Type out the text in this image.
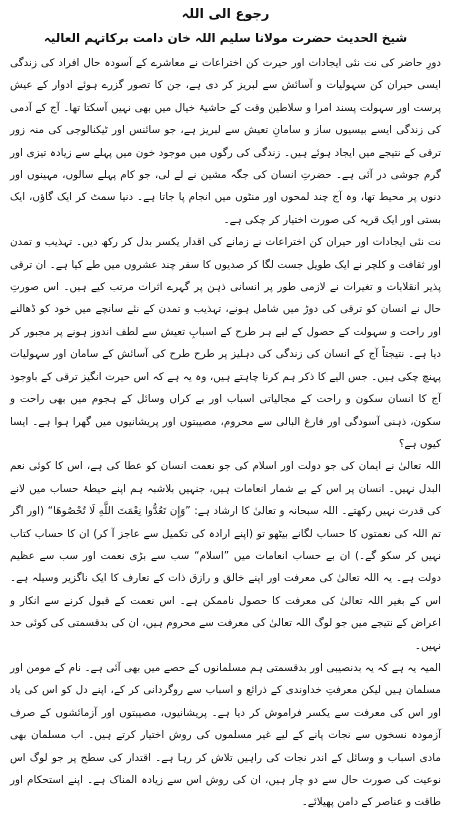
رجوع الی اللہ
شیخ الحدیث حضرت مولانا سلیم اللہ خان دامت برکاتہم العالیہ

دورِ حاضر کی نت نئی ایجادات اور حیرت کن اختراعات نے معاشرے کے آسودہ حال افراد کی زندگی ایسی حیران کن سہولیات و آسائش سے لبریز کر دی ہے، جن کا تصور گزرے ہوئے ادوار کے عیش پرست اور سہولت پسند امرا و سلاطین وقت کے حاشیۂ خیال میں بھی نہیں آسکتا تھا۔ آج کے آدمی کی زندگی ایسے بیسیوں ساز و سامانِ تعیش سے لبریز ہے، جو سائنس اور ٹیکنالوجی کی منہ زور ترقی کے نتیجے میں ایجاد ہوئے ہیں۔ زندگی کی رگوں میں موجود خون میں پہلے سے زیادہ تیزی اور گرم جوشی در آئی ہے۔ حضرتِ انسان کی جگہ مشین نے لے لی، جو کام پہلے سالوں، مہینوں اور دنوں پر محیط تھا، وہ آج چند لمحوں اور منٹوں میں انجام پا جاتا ہے۔ دنیا سمٹ کر ایک گاؤں، ایک بستی اور ایک قریہ کی صورت اختیار کر چکی ہے۔

نت نئی ایجادات اور حیران کن اختراعات نے زمانے کی اقدار یکسر بدل کر رکھ دیں۔ تہذیب و تمدن اور ثقافت و کلچر نے ایک طویل جست لگا کر صدیوں کا سفر چند عشروں میں طے کیا ہے۔ ان ترقی پذیر انقلابات و تغیرات نے لازمی طور پر انسانی ذہن پر گہرے اثرات مرتب کیے ہیں۔ اس صورتِ حال نے انسان کو ترقی کی دوڑ میں شامل ہونے، تہذیب و تمدن کے نئے سانچے میں خود کو ڈھالنے اور راحت و سہولت کے حصول کے لیے ہر طرح کے اسبابِ تعیش سے لطف اندوز ہونے پر مجبور کر دیا ہے۔ نتیجتاً آج کے انسان کی زندگی کی دہلیز پر طرح طرح کی آسائش کے سامان اور سہولیات پہنچ چکی ہیں۔ جس الیے کا ذکر ہم کرنا چاہتے ہیں، وہ یہ ہے کہ اس حیرت انگیز ترقی کے باوجود آج کا انسان سکون و راحت کے مجالیاتی اسباب اور بے کراں وسائل کے ہجوم میں بھی راحت و سکون، ذہنی آسودگی اور فارغ البالی سے محروم، مصیبتوں اور پریشانیوں میں گھرا ہوا ہے۔ ایسا کیوں ہے؟

اللہ تعالیٰ نے ایمان کی جو دولت اور اسلام کی جو نعمت انسان کو عطا کی ہے، اس کا کوئی نعم البدل نہیں۔ انسان پر اس کے بے شمار انعامات ہیں، جنہیں بلاشبہ ہم اپنے حیطۂ حساب میں لانے کی قدرت نہیں رکھتے۔ اللہ سبحانہ و تعالیٰ کا ارشاد ہے: ”وَإِن تَعُدُّوا نِعْمَتَ اللَّهِ لَا تُحْصُوهَا“ (اور اگر تم اللہ کی نعمتوں کا حساب لگانے بیٹھو تو (اپنے ارادہ کی تکمیل سے عاجز آ کر) ان کا حساب کتاب نہیں کر سکو گے۔) ان بے حساب انعامات میں ”اسلام“ سب سے بڑی نعمت اور سب سے عظیم دولت ہے۔ یہ اللہ تعالیٰ کی معرفت اور اپنے خالق و رازق ذات کے تعارف کا ایک ناگزیر وسیلہ ہے۔ اس کے بغیر اللہ تعالیٰ کی معرفت کا حصول ناممکن ہے۔ اس نعمت کے قبول کرنے سے انکار و اعراض کے نتیجے میں جو لوگ اللہ تعالیٰ کی معرفت سے محروم ہیں، ان کی بدقسمتی کی کوئی حد نہیں۔

المیہ یہ ہے کہ یہ بدنصیبی اور بدقسمتی ہم مسلمانوں کے حصے میں بھی آئی ہے۔ نام کے مومن اور مسلمان ہیں لیکن معرفتِ خداوندی کے ذرائع و اسباب سے روگردانی کر کے، اپنے دل کو اس کی یاد اور اس کی معرفت سے یکسر فراموش کر دیا ہے۔ پریشانیوں، مصیبتوں اور آزمائشوں کے صرف آزمودہ نسخوں سے نجات پانے کے لیے غیر مسلموں کی روش اختیار کرتے ہیں۔ اب مسلمان بھی مادی اسباب و وسائل کے اندر نجات کی راہیں تلاش کر رہا ہے۔ اقتدار کی سطح پر جو لوگ اس نوعیت کی صورت حال سے دو چار ہیں، ان کی روش اس سے زیادہ المناک ہے۔ اپنے استحکام اور طاقت و عناصر کے دامن پھیلائے۔
